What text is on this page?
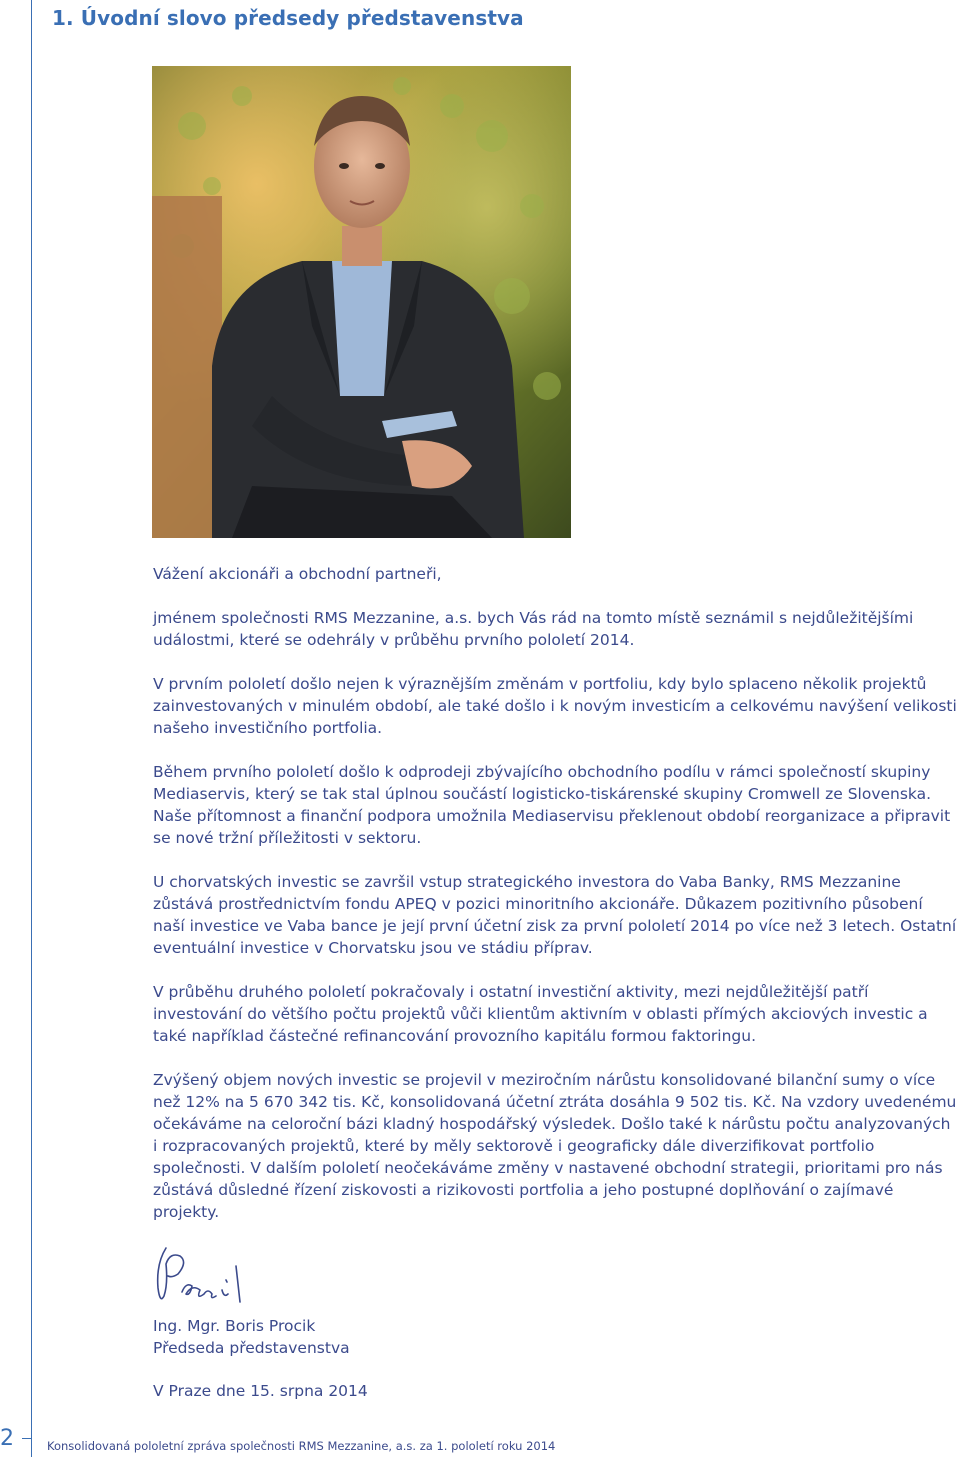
1. Úvodní slovo předsedy představenstva

Vážení akcionáři a obchodní partneři,

jménem společnosti RMS Mezzanine, a.s. bych Vás rád na tomto místě seznámil s nejdůležitějšími událostmi, které se odehrály v průběhu prvního pololetí 2014.

V prvním pololetí došlo nejen k výraznějším změnám v portfoliu, kdy bylo splaceno několik projektů zainvestovaných v minulém období, ale také došlo i k novým investicím a celkovému navýšení velikosti našeho investičního portfolia.

Během prvního pololetí došlo k odprodeji zbývajícího obchodního podílu v rámci společností skupiny Mediaservis, který se tak stal úplnou součástí logisticko-tiskárenské skupiny Cromwell ze Slovenska. Naše přítomnost a finanční podpora umožnila Mediaservisu překlenout období reorganizace a připravit se nové tržní příležitosti v sektoru.

U chorvatských investic se završil vstup strategického investora do Vaba Banky, RMS Mezzanine zůstává prostřednictvím fondu APEQ v pozici minoritního akcionáře. Důkazem pozitivního působení naší investice ve Vaba bance je její první účetní zisk za první pololetí 2014 po více než 3 letech. Ostatní eventuální investice v Chorvatsku jsou ve stádiu příprav.

V průběhu druhého pololetí pokračovaly i ostatní investiční aktivity, mezi nejdůležitější patří investování do většího počtu projektů vůči klientům aktivním v oblasti přímých akciových investic a také například částečné refinancování provozního kapitálu formou faktoringu.

Zvýšený objem nových investic se projevil v meziročním nárůstu konsolidované bilanční sumy o více než 12% na 5 670 342 tis. Kč, konsolidovaná účetní ztráta dosáhla 9 502 tis. Kč. Na vzdory uvedenému očekáváme na celoroční bázi kladný hospodářský výsledek. Došlo také k nárůstu počtu analyzovaných i rozpracovaných projektů, které by měly sektorově i geograficky dále diverzifikovat portfolio společnosti. V dalším pololetí neočekáváme změny v nastavené obchodní strategii, prioritami pro nás zůstává důsledné řízení ziskovosti a rizikovosti portfolia a jeho postupné doplňování o zajímavé projekty.

Ing. Mgr. Boris Procik
Předseda představenstva
V Praze dne 15. srpna 2014
2	Konsolidovaná pololetní zpráva společnosti RMS Mezzanine, a.s. za 1. pololetí roku 2014
